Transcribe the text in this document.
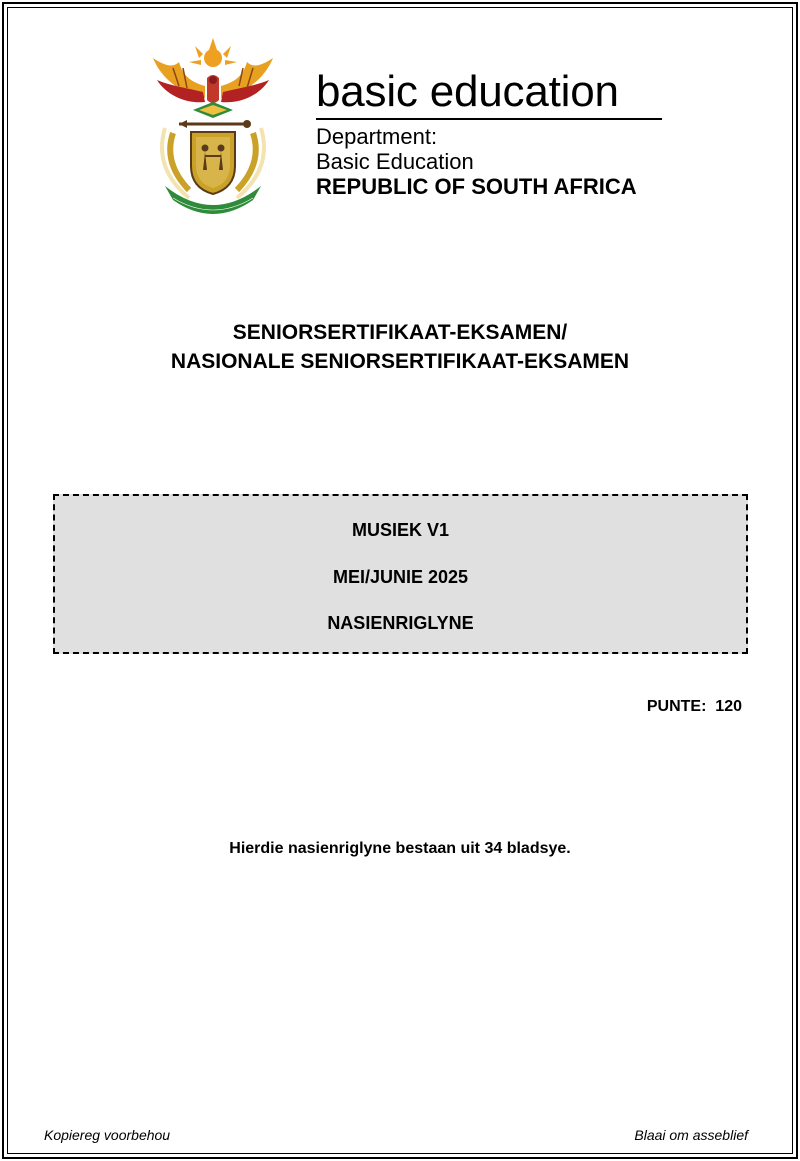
basic education
Department:
Basic Education
REPUBLIC OF SOUTH AFRICA
SENIORSERTIFIKAAT-EKSAMEN/
NASIONALE SENIORSERTIFIKAAT-EKSAMEN
MUSIEK V1
MEI/JUNIE 2025
NASIENRIGLYNE
PUNTE:  120
Hierdie nasienriglyne bestaan uit 34 bladsye.
Kopiereg voorbehou	Blaai om asseblief
